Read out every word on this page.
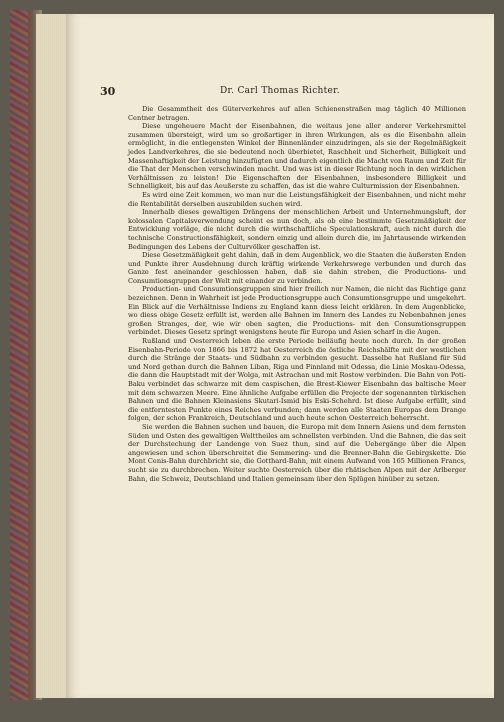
30	Dr. Carl Thomas Richter.

Die Gesammtheit des Güterverkehres auf allen Schienenstraßen mag täglich 40 Millionen Centner betragen.

Diese ungeheuere Macht der Eisenbahnen, die weitaus jene aller anderer Verkehrsmittel zusammen übersteigt, wird um so großartiger in ihren Wirkungen, als es die Eisenbahn allein ermöglicht, in die entlegensten Winkel der Binnenländer einzudringen, als sie der Regelmäßigkeit jedes Landverkehres, die sie bedeutend noch überbietet, Raschheit und Sicherheit, Billigkeit und Massenhaftigkeit der Leistung hinzufügten und dadurch eigentlich die Macht von Raum und Zeit für die That der Menschen verschwinden macht. Und was ist in dieser Richtung noch in den wirklichen Verhältnissen zu leisten! Die Eigenschaften der Eisenbahnen, insbesondere Billigkeit und Schnelligkeit, bis auf das Aeußerste zu schaffen, das ist die wahre Culturmission der Eisenbahnen.

Es wird eine Zeit kommen, wo man nur die Leistungsfähigkeit der Eisenbahnen, und nicht mehr die Rentabilität derselben auszubilden suchen wird.

Innerhalb dieses gewaltigen Drängens der menschlichen Arbeit und Unternehmungsluft, der kolossalen Capitalsverwendung scheint es nun doch, als ob eine bestimmte Gesetzmäßigkeit der Entwicklung vorläge, die nicht durch die wirthschaftliche Speculationskraft, auch nicht durch die technische Constructionsfähigkeit, sondern einzig und allein durch die, im Jahrtausende wirkenden Bedingungen des Lebens der Culturvölker geschaffen ist.

Diese Gesetzmäßigkeit geht dahin, daß in dem Augenblick, wo die Staaten die äußersten Enden und Punkte ihrer Ausdehnung durch kräftig wirkende Verkehrswege verbunden und durch das Ganze fest aneinander geschlossen haben, daß sie dahin streben, die Productions- und Consumtionsgruppen der Welt mit einander zu verbinden.

Production- und Consumtionsgruppen sind hier freilich nur Namen, die nicht das Richtige ganz bezeichnen. Denn in Wahrheit ist jede Productionsgruppe auch Consumtionsgruppe und umgekehrt. Ein Blick auf die Verhältnisse Indiens zu England kann diess leicht erklären. In dem Augenblicke, wo diess obige Gesetz erfüllt ist, werden alle Bahnen im Innern des Landes zu Nebenbahnen jenes großen Stranges, der, wie wir oben sagten, die Productions- mit den Consumtionsgruppen verbindet. Dieses Gesetz springt wenigstens heute für Europa und Asien scharf in die Augen.

Rußland und Oesterreich leben die erste Periode beiläufig heute noch durch. In der großen Eisenbahn-Periode von 1866 bis 1872 hat Oesterreich die östliche Reichshälfte mit der westlichen durch die Stränge der Staats- und Südbahn zu verbinden gesucht. Dasselbe hat Rußland für Süd und Nord gethan durch die Bahnen Liban, Riga und Finnland mit Odessa, die Linie Moskau-Odessa, die dann die Hauptstadt mit der Wolga, mit Astrachan und mit Rostow verbinden. Die Bahn von Poti-Baku verbindet das schwarze mit dem caspischen, die Brest-Kiewer Eisenbahn das baltische Meer mit dem schwarzen Meere. Eine ähnliche Aufgabe erfüllen die Projecte der sogenannten türkischen Bahnen und die Bahnen Kleinasiens Skutari-Ismid bis Eski-Schehrd. Ist diese Aufgabe erfüllt, sind die entferntesten Punkte eines Reiches verbunden; dann werden alle Staaten Europas dem Drange folgen, der schon Frankreich, Deutschland und auch heute schon Oesterreich beherrscht.

Sie werden die Bahnen suchen und bauen, die Europa mit dem Innern Asiens und dem fernsten Süden und Osten des gewaltigen Welttheiles am schnellsten verbinden. Und die Bahnen, die das seit der Durchstechung der Landenge von Suez thun, sind auf die Uebergänge über die Alpen angewiesen und schon überschreitet die Semmering- und die Brenner-Bahn die Gebirgskette. Die Mont Cenis-Bahn durchbricht sie, die Gotthard-Bahn, mit einem Aufwand von 165 Millionen Francs, sucht sie zu durchbrechen. Weiter suchte Oesterreich über die rhätischen Alpen mit der Arlberger Bahn, die Schweiz, Deutschland und Italien gemeinsam über den Splügen hinüber zu setzen.
